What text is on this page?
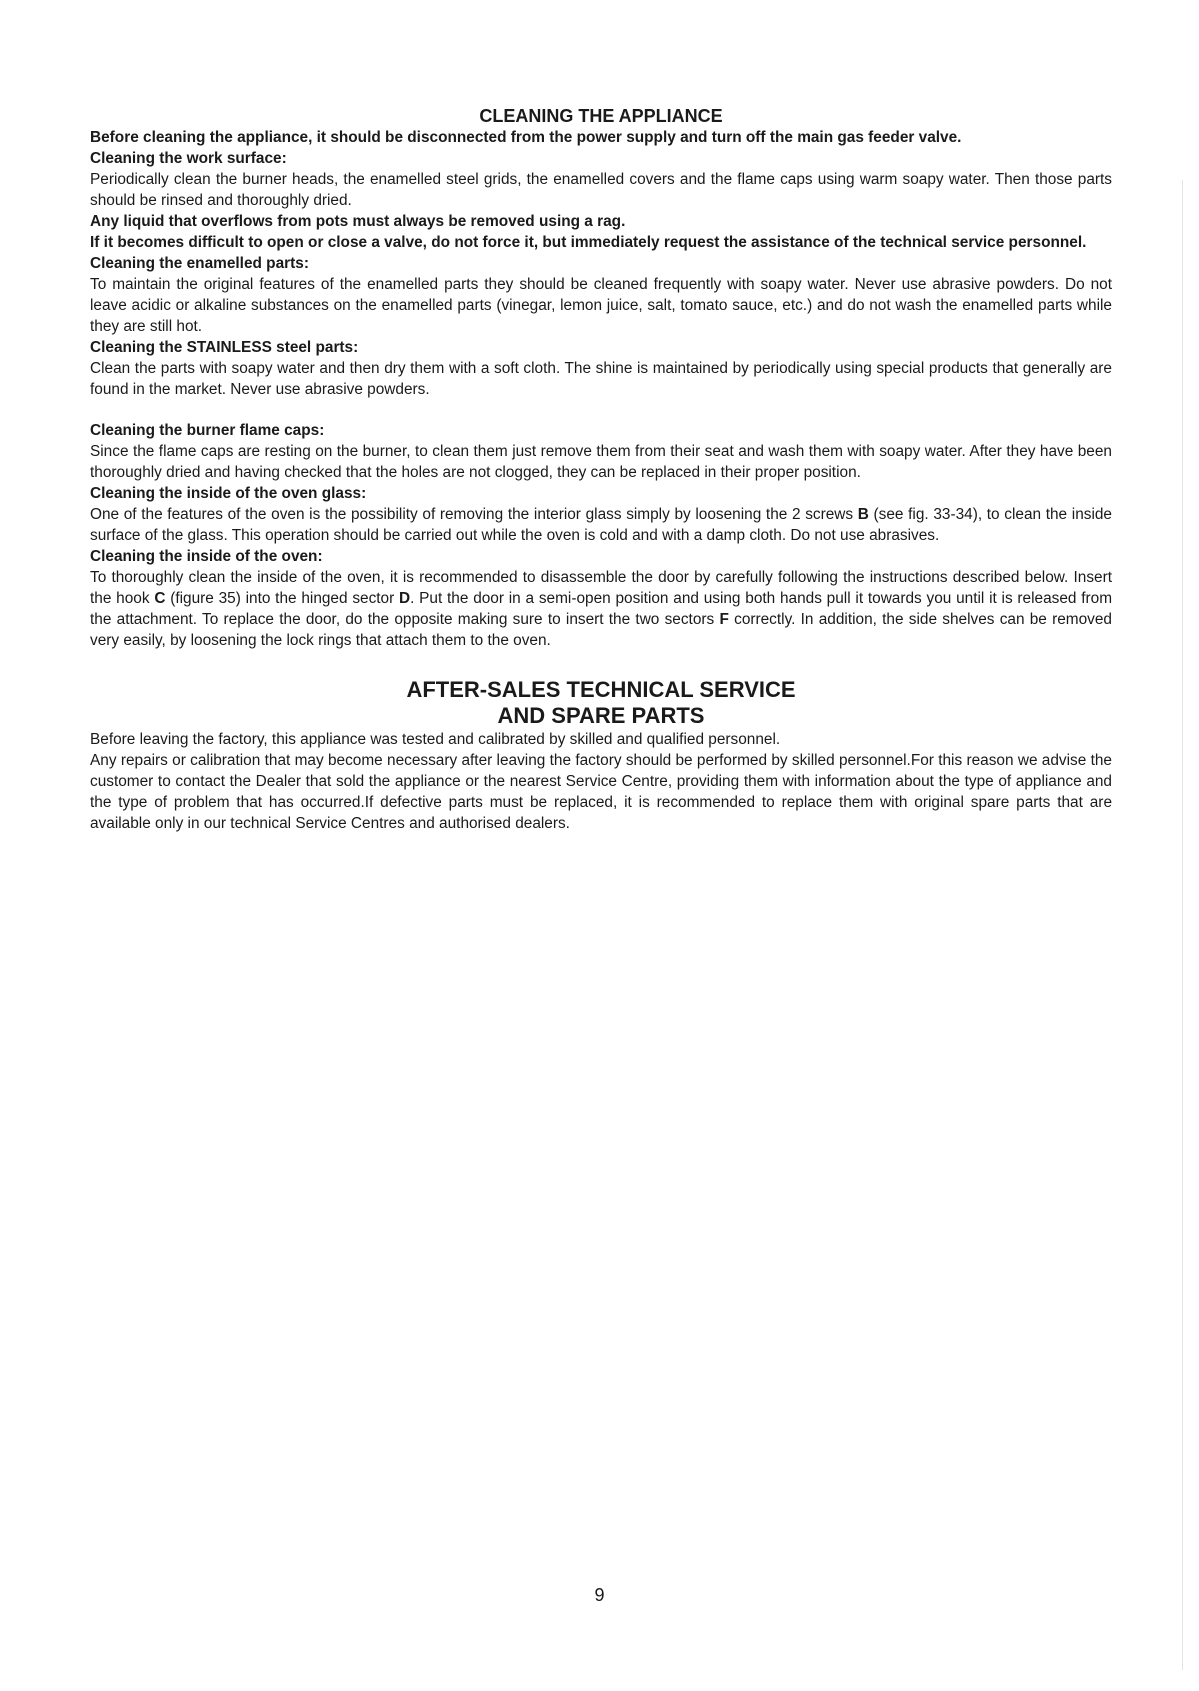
CLEANING THE APPLIANCE

Before cleaning the appliance, it should be disconnected from the power supply and turn off the main gas feeder valve.

Cleaning the work surface:

Periodically clean the burner heads, the enamelled steel grids, the enamelled covers and the flame caps using warm soapy water. Then those parts should be rinsed and thoroughly dried.

Any liquid that overflows from pots must always be removed using a rag.

If it becomes difficult to open or close a valve, do not force it, but immediately request the assistance of the technical service personnel.

Cleaning the enamelled parts:

To maintain the original features of the enamelled parts they should be cleaned frequently with soapy water. Never use abrasive powders. Do not leave acidic or alkaline substances on the enamelled parts (vinegar, lemon juice, salt, tomato sauce, etc.) and do not wash the enamelled parts while they are still hot.

Cleaning the STAINLESS steel parts:

Clean the parts with soapy water and then dry them with a soft cloth. The shine is maintained by periodically using special products that generally are found in the market. Never use abrasive powders.

Cleaning the burner flame caps:

Since the flame caps are resting on the burner, to clean them just remove them from their seat and wash them with soapy water. After they have been thoroughly dried and having checked that the holes are not clogged, they can be replaced in their proper position.

Cleaning the inside of the oven glass:

One of the features of the oven is the possibility of removing the interior glass simply by loosening the 2 screws B (see fig. 33-34), to clean the inside surface of the glass. This operation should be carried out while the oven is cold and with a damp cloth. Do not use abrasives.

Cleaning the inside of the oven:

To thoroughly clean the inside of the oven, it is recommended to disassemble the door by carefully following the instructions described below. Insert the hook C (figure 35) into the hinged sector D. Put the door in a semi-open position and using both hands pull it towards you until it is released from the attachment. To replace the door, do the opposite making sure to insert the two sectors F correctly. In addition, the side shelves can be removed very easily, by loosening the lock rings that attach them to the oven.

AFTER-SALES TECHNICAL SERVICE
AND SPARE PARTS

Before leaving the factory, this appliance was tested and calibrated by skilled and qualified personnel.

Any repairs or calibration that may become necessary after leaving the factory should be performed by skilled personnel.For this reason we advise the customer to contact the Dealer that sold the appliance or the nearest Service Centre, providing them with information about the type of appliance and the type of problem that has occurred.If defective parts must be replaced, it is recommended to replace them with original spare parts that are available only in our technical Service Centres and authorised dealers.

9
